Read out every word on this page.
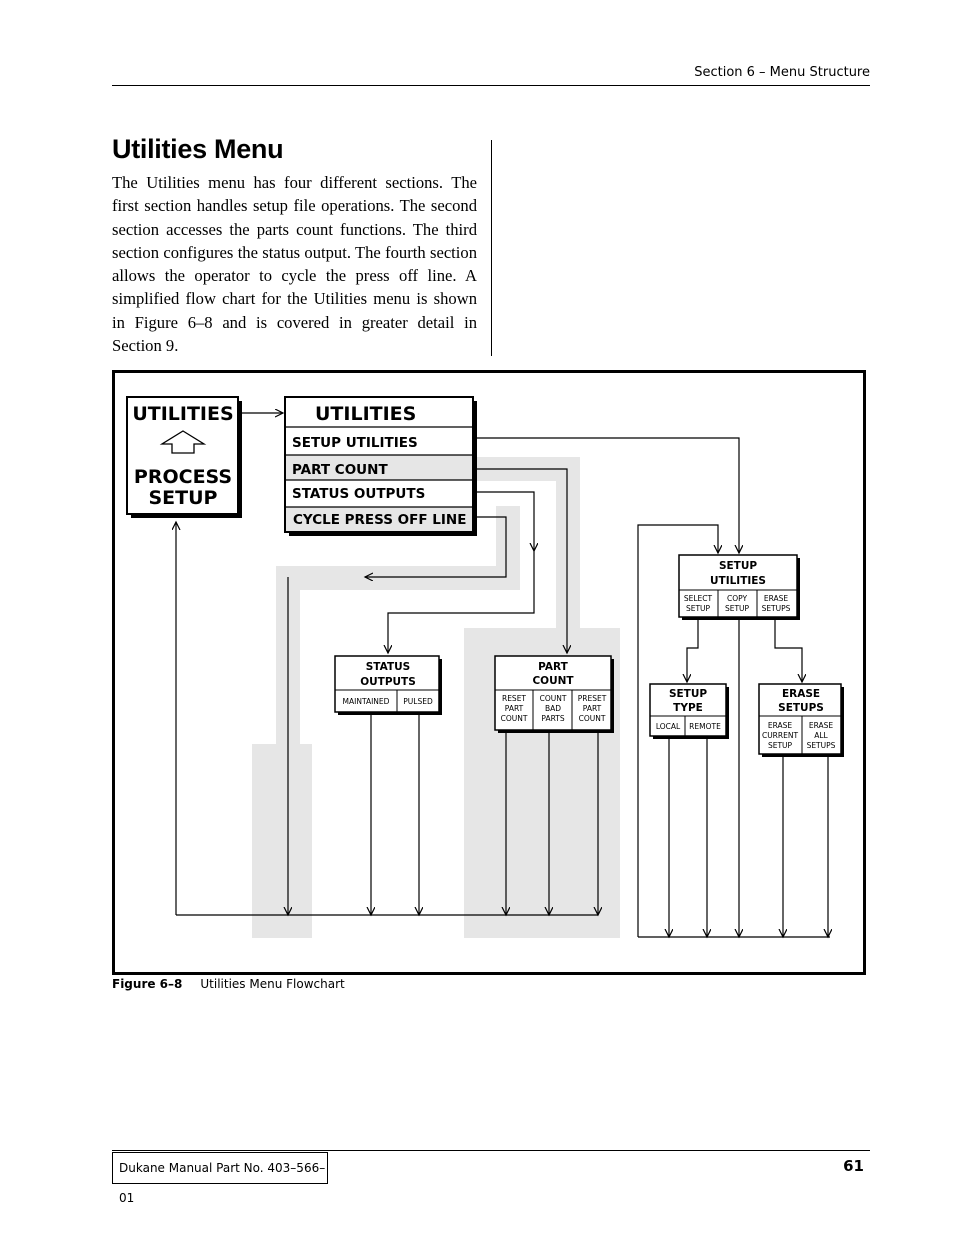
Section 6 – Menu Structure
Utilities Menu

The Utilities menu has four different sections. The first section handles setup file operations. The second section accesses the parts count functions. The third section configures the status output. The fourth section allows the operator to cycle the press off line. A simplified flow chart for the Utilities menu is shown in Figure 6–8 and is covered in greater detail in Section 9.

UTILITIES
PROCESS
SETUP
UTILITIES
SETUP UTILITIES
PART COUNT
STATUS OUTPUTS
CYCLE PRESS OFF LINE
STATUS
OUTPUTS
MAINTAINED PULSED
PART
COUNT
RESET
PART
COUNT
COUNT
BAD
PARTS
PRESET
PART
COUNT
SETUP
UTILITIES
SELECT
SETUP
COPY
SETUP
ERASE
SETUPS
SETUP
TYPE
LOCAL REMOTE
ERASE
SETUPS
ERASE
CURRENT
SETUP
ERASE
ALL
SETUPS
Figure 6–8 Utilities Menu Flowchart
Dukane Manual Part No. 403–566–01
61
